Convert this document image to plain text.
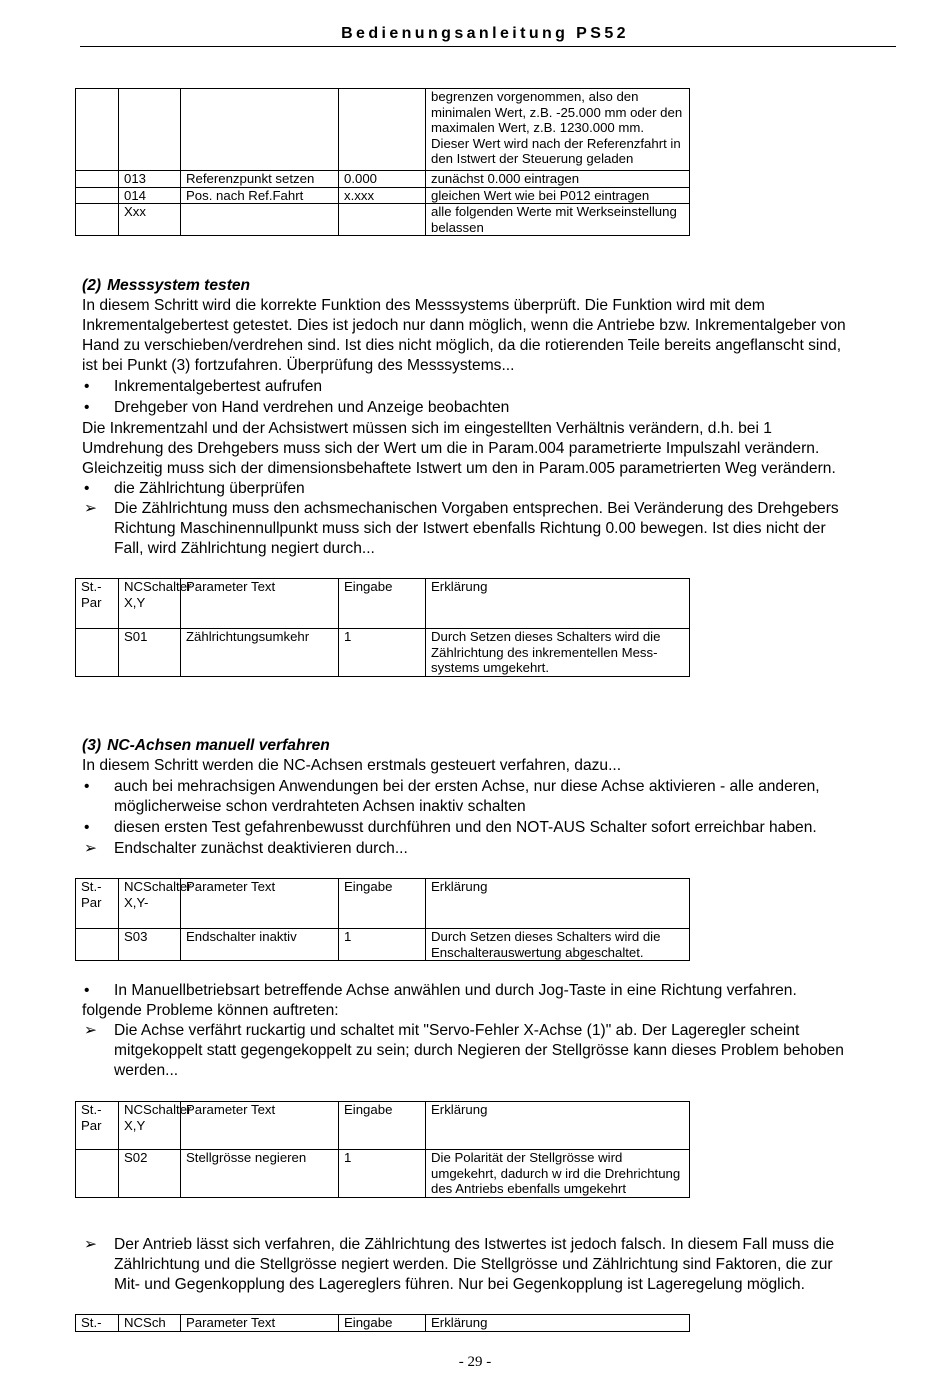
Bedienungsanleitung PS52
				begrenzen vorgenommen, also den minimalen Wert, z.B. -25.000 mm oder den maximalen Wert, z.B. 1230.000 mm. Dieser Wert wird nach der Referenzfahrt in den Istwert der Steuerung geladen
	013	Referenzpunkt setzen	0.000	zunächst 0.000 eintragen
	014	Pos. nach Ref.Fahrt	x.xxx	gleichen Wert wie bei P012 eintragen
	Xxx			alle folgenden Werte mit Werkseinstellung belassen
(2) Messsystem testen

In diesem Schritt wird die korrekte Funktion des Messsystems überprüft. Die Funktion wird mit dem Inkrementalgebertest getestet. Dies ist jedoch nur dann möglich, wenn die Antriebe bzw. Inkrementalgeber von Hand zu verschieben/verdrehen sind. Ist dies nicht möglich, da die rotierenden Teile bereits angeflanscht sind, ist bei Punkt (3) fortzufahren. Überprüfung des Messsystems...

• Inkrementalgebertest aufrufen
• Drehgeber von Hand verdrehen und Anzeige beobachten

Die Inkrementzahl und der Achsistwert müssen sich im eingestellten Verhältnis verändern, d.h. bei 1 Umdrehung des Drehgebers muss sich der Wert um die in Param.004 parametrierte Impulszahl verändern. Gleichzeitig muss sich der dimensionsbehaftete Istwert um den in Param.005 parametrierten Weg verändern.

• die Zählrichtung überprüfen
➢ Die Zählrichtung muss den achsmechanischen Vorgaben entsprechen. Bei Veränderung des Drehgebers Richtung Maschinennullpunkt muss sich der Istwert ebenfalls Richtung 0.00 bewegen. Ist dies nicht der Fall, wird Zählrichtung negiert durch...
St.-Par	NCSchalter X,Y	Parameter Text	Eingabe	Erklärung
	S01	Zählrichtungsumkehr	1	Durch Setzen dieses Schalters wird die Zählrichtung des inkrementellen Mess-systems umgekehrt.
(3) NC-Achsen manuell verfahren

In diesem Schritt werden die NC-Achsen erstmals gesteuert verfahren, dazu...

• auch bei mehrachsigen Anwendungen bei der ersten Achse, nur diese Achse aktivieren - alle anderen, möglicherweise schon verdrahteten Achsen inaktiv schalten
• diesen ersten Test gefahrenbewusst durchführen und den NOT-AUS Schalter sofort erreichbar haben.
➢ Endschalter zunächst deaktivieren durch...
St.-Par	NCSchalter X,Y-	Parameter Text	Eingabe	Erklärung
	S03	Endschalter inaktiv	1	Durch Setzen dieses Schalters wird die Enschalterauswertung abgeschaltet.
• In Manuellbetriebsart betreffende Achse anwählen und durch Jog-Taste in eine Richtung verfahren.

folgende Probleme können auftreten:

➢ Die Achse verfährt ruckartig und schaltet mit "Servo-Fehler X-Achse (1)" ab. Der Lageregler scheint mitgekoppelt statt gegengekoppelt zu sein; durch Negieren der Stellgrösse kann dieses Problem behoben werden...
St.-Par	NCSchalter X,Y	Parameter Text	Eingabe	Erklärung
	S02	Stellgrösse negieren	1	Die Polarität der Stellgrösse wird umgekehrt, dadurch w ird die Drehrichtung des Antriebs ebenfalls umgekehrt
➢ Der Antrieb lässt sich verfahren, die Zählrichtung des Istwertes ist jedoch falsch. In diesem Fall muss die Zählrichtung und die Stellgrösse negiert werden. Die Stellgrösse und Zählrichtung sind Faktoren, die zur Mit- und Gegenkopplung des Lagereglers führen. Nur bei Gegenkopplung ist Lageregelung möglich.
St.-	NCSch	Parameter Text	Eingabe	Erklärung
- 29 -
